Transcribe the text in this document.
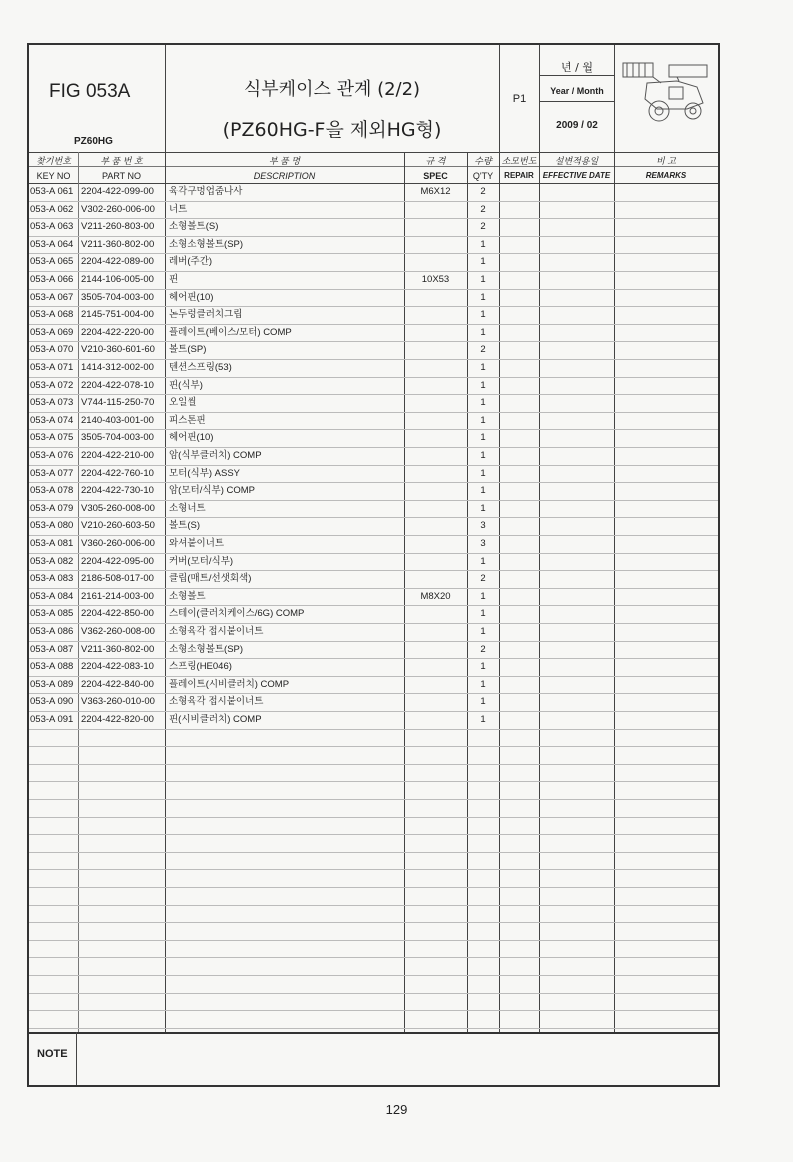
FIG 053A
PZ60HG
식부케이스 관계 (2/2)
(PZ60HG-F을 제외HG형)
P1
년 / 월
Year / Month
2009 / 02
찾기번호
KEY NO
부 품 번 호
PART NO
부 품 명
DESCRIPTION
규 격
SPEC
수량
Q'TY
소모번도
REPAIR
설변적용일
EFFECTIVE DATE
비 고
REMARKS
053-A 061 2204-422-099-00	육각구멍업줌나사	M6X12	2
053-A 062 V302-260-006-00	너트	2
053-A 063 V211-260-803-00	소형볼트(S)	2
053-A 064 V211-360-802-00	소형소형볼트(SP)	1
053-A 065 2204-422-089-00	레버(주간)	1
053-A 066 2144-106-005-00	핀	10X53	1
053-A 067 3505-704-003-00	헤어핀(10)	1
053-A 068 2145-751-004-00	논두렁클러치그립	1
053-A 069 2204-422-220-00	플레이트(베이스/모터) COMP	1
053-A 070 V210-360-601-60	볼트(SP)	2
053-A 071 1414-312-002-00	텐션스프링(53)	1
053-A 072 2204-422-078-10	핀(식부)	1
053-A 073 V744-115-250-70	오일씰	1
053-A 074 2140-403-001-00	피스톤핀	1
053-A 075 3505-704-003-00	헤어핀(10)	1
053-A 076 2204-422-210-00	암(식부클러치) COMP	1
053-A 077 2204-422-760-10	모터(식부) ASSY	1
053-A 078 2204-422-730-10	암(모터/식부) COMP	1
053-A 079 V305-260-008-00	소형너트	1
053-A 080 V210-260-603-50	볼트(S)	3
053-A 081 V360-260-006-00	와셔붙이너트	3
053-A 082 2204-422-095-00	커버(모터/식부)	1
053-A 083 2186-508-017-00	클립(매트/선샛회색)	2
053-A 084 2161-214-003-00	소형볼트	M8X20	1
053-A 085 2204-422-850-00	스테이(클러치케이스/6G) COMP	1
053-A 086 V362-260-008-00	소형육각 접시붙이너트	1
053-A 087 V211-360-802-00	소형소형볼트(SP)	2
053-A 088 2204-422-083-10	스프링(HE046)	1
053-A 089 2204-422-840-00	플레이트(시비클러치) COMP	1
053-A 090 V363-260-010-00	소형육각 접시붙이너트	1
053-A 091 2204-422-820-00	핀(시비클러치) COMP	1
NOTE
129
